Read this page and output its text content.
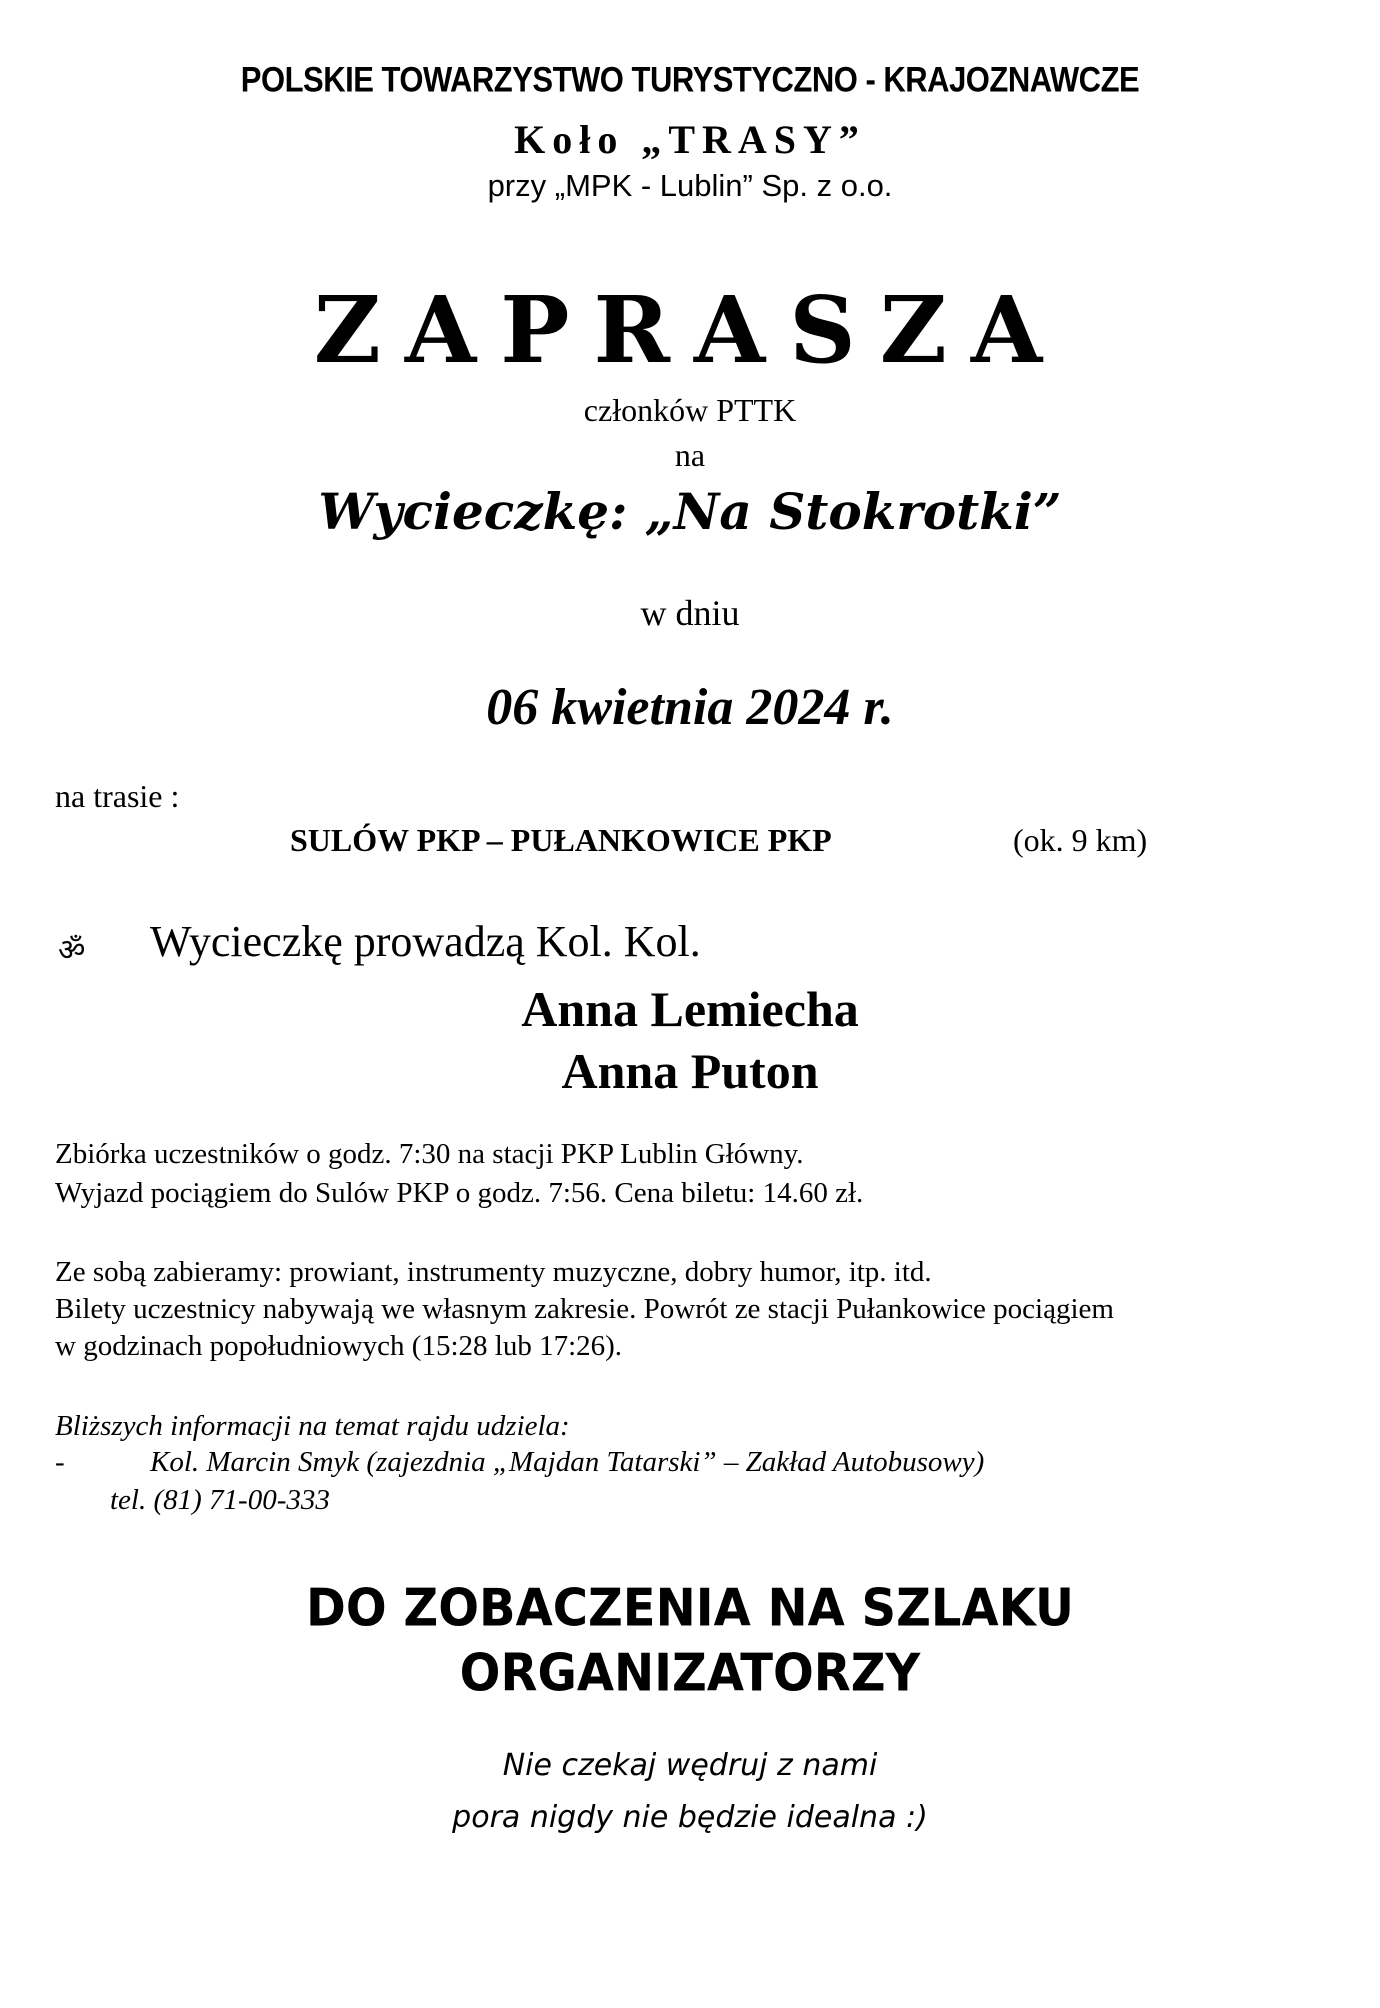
POLSKIE TOWARZYSTWO TURYSTYCZNO - KRAJOZNAWCZE
Koło „TRASY”
przy „MPK - Lublin” Sp. z o.o.
ZAPRASZA
członków PTTK
na
Wycieczkę: „Na Stokrotki”
w dniu
06 kwietnia 2024 r.
na trasie :
SULÓW PKP – PUŁANKOWICE PKP	(ok. 9 km)
ॐ Wycieczkę prowadzą Kol. Kol.
Anna Lemiecha
Anna Puton
Zbiórka uczestników o godz. 7:30 na stacji PKP Lublin Główny.
Wyjazd pociągiem do Sulów PKP o godz. 7:56. Cena biletu: 14.60 zł.
Ze sobą zabieramy: prowiant, instrumenty muzyczne, dobry humor, itp. itd.
Bilety uczestnicy nabywają we własnym zakresie. Powrót ze stacji Pułankowice pociągiem
w godzinach popołudniowych (15:28 lub 17:26).
Bliższych informacji na temat rajdu udziela:
-	Kol. Marcin Smyk (zajezdnia „Majdan Tatarski” – Zakład Autobusowy)
tel. (81) 71-00-333
DO ZOBACZENIA NA SZLAKU
ORGANIZATORZY
Nie czekaj wędruj z nami
pora nigdy nie będzie idealna :)
